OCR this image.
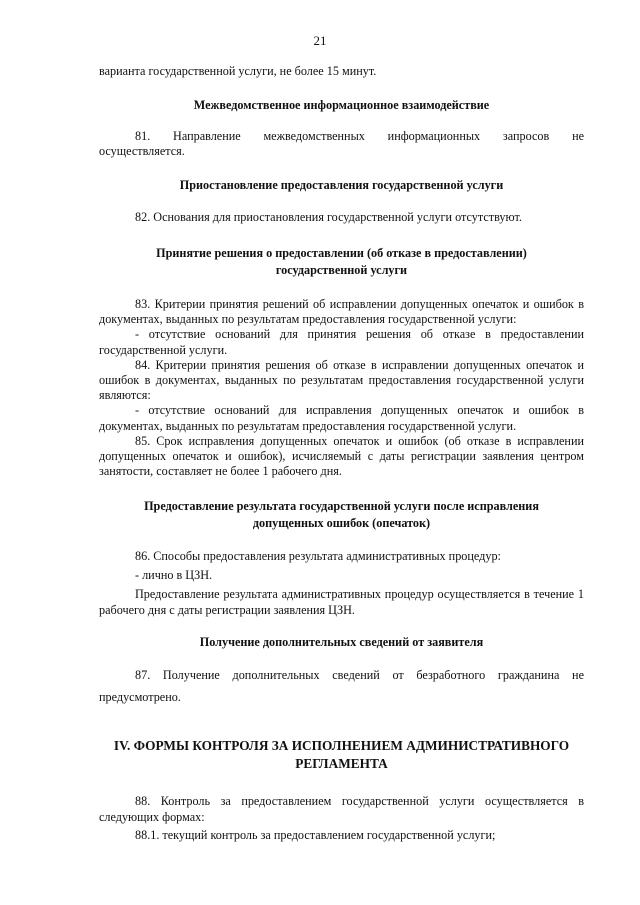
21
варианта государственной услуги, не более 15 минут.
Межведомственное информационное взаимодействие
81. Направление межведомственных информационных запросов не
осуществляется.
Приостановление предоставления государственной услуги
82. Основания для приостановления государственной услуги отсутствуют.
Принятие решения о предоставлении (об отказе в предоставлении)
государственной услуги
83. Критерии принятия решений об исправлении допущенных опечаток и ошибок в документах, выданных по результатам предоставления государственной услуги:
- отсутствие оснований для принятия решения об отказе в предоставлении государственной услуги.
84. Критерии принятия решения об отказе в исправлении допущенных опечаток и ошибок в документах, выданных по результатам предоставления государственной услуги являются:
- отсутствие оснований для исправления допущенных опечаток и ошибок в документах, выданных по результатам предоставления государственной услуги.
85. Срок исправления допущенных опечаток и ошибок (об отказе в исправлении допущенных опечаток и ошибок), исчисляемый с даты регистрации заявления центром занятости, составляет не более 1 рабочего дня.
Предоставление результата государственной услуги после исправления
допущенных ошибок (опечаток)
86. Способы предоставления результата административных процедур:
- лично в ЦЗН.
Предоставление результата административных процедур осуществляется в течение 1 рабочего дня с даты регистрации заявления ЦЗН.
Получение дополнительных сведений от заявителя
87. Получение дополнительных сведений от безработного гражданина не
предусмотрено.
IV. ФОРМЫ КОНТРОЛЯ ЗА ИСПОЛНЕНИЕМ АДМИНИСТРАТИВНОГО
РЕГЛАМЕНТА
88. Контроль за предоставлением государственной услуги осуществляется в следующих формах:
88.1. текущий контроль за предоставлением государственной услуги;
